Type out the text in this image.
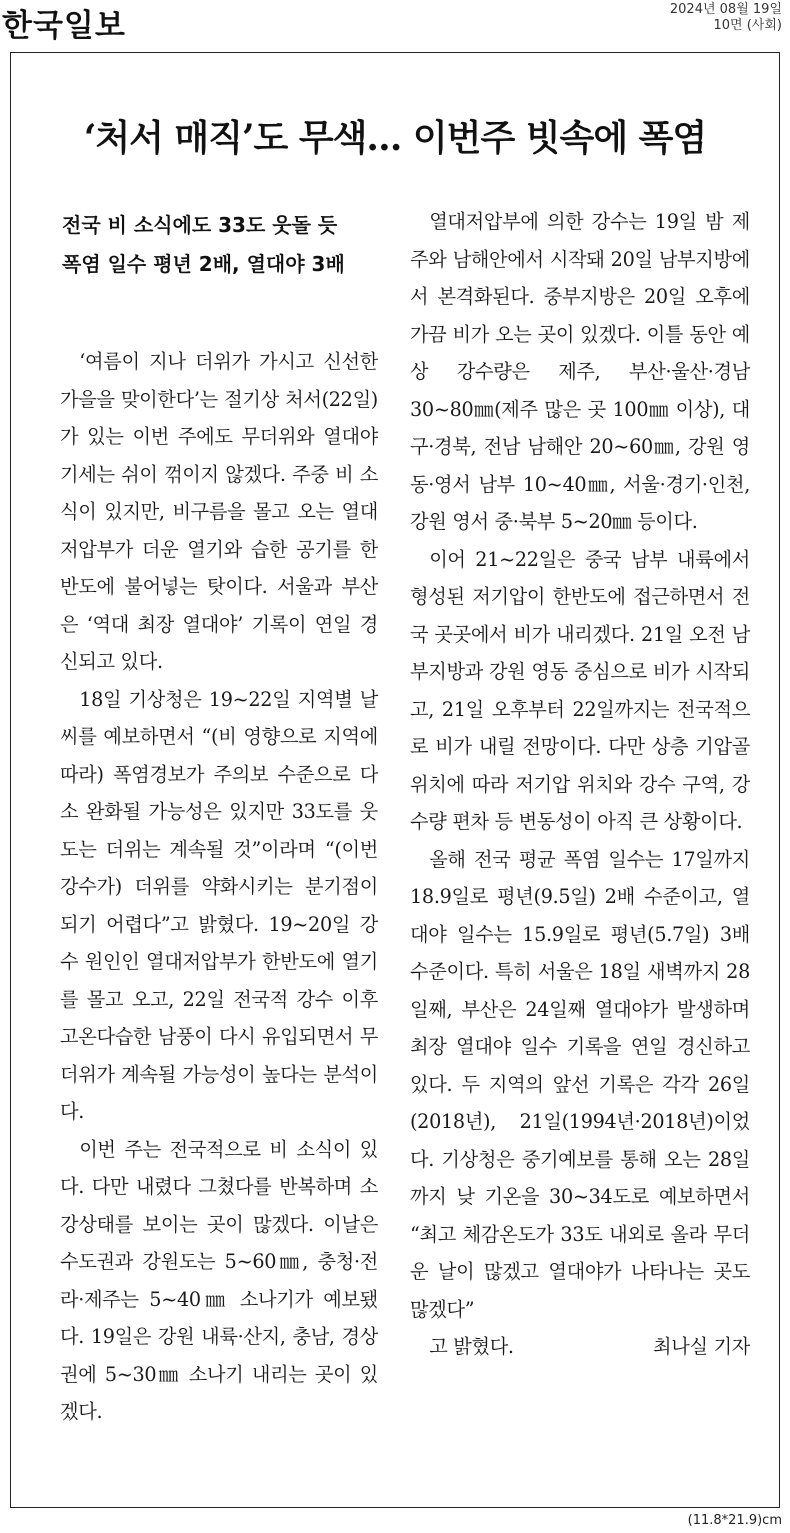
한국일보	2024년 08월 19일
10면 (사회)
‘처서 매직’도 무색… 이번주 빗속에 폭염
전국 비 소식에도 33도 웃돌 듯
폭염 일수 평년 2배, 열대야 3배

‘여름이 지나 더위가 가시고 신선한 가을을 맞이한다’는 절기상 처서(22일)가 있는 이번 주에도 무더위와 열대야 기세는 쉬이 꺾이지 않겠다. 주중 비 소식이 있지만, 비구름을 몰고 오는 열대저압부가 더운 열기와 습한 공기를 한반도에 불어넣는 탓이다. 서울과 부산은 ‘역대 최장 열대야’ 기록이 연일 경신되고 있다.

18일 기상청은 19~22일 지역별 날씨를 예보하면서 “(비 영향으로 지역에 따라) 폭염경보가 주의보 수준으로 다소 완화될 가능성은 있지만 33도를 웃도는 더위는 계속될 것”이라며 “(이번 강수가) 더위를 약화시키는 분기점이 되기 어렵다”고 밝혔다. 19~20일 강수 원인인 열대저압부가 한반도에 열기를 몰고 오고, 22일 전국적 강수 이후 고온다습한 남풍이 다시 유입되면서 무더위가 계속될 가능성이 높다는 분석이다.

이번 주는 전국적으로 비 소식이 있다. 다만 내렸다 그쳤다를 반복하며 소강상태를 보이는 곳이 많겠다. 이날은 수도권과 강원도는 5~60㎜, 충청·전라·제주는 5~40㎜ 소나기가 예보됐다. 19일은 강원 내륙·산지, 충남, 경상권에 5~30㎜ 소나기 내리는 곳이 있겠다.

열대저압부에 의한 강수는 19일 밤 제주와 남해안에서 시작돼 20일 남부지방에서 본격화된다. 중부지방은 20일 오후에 가끔 비가 오는 곳이 있겠다. 이틀 동안 예상 강수량은 제주, 부산·울산·경남 30~80㎜(제주 많은 곳 100㎜ 이상), 대구·경북, 전남 남해안 20~60㎜, 강원 영동·영서 남부 10~40㎜, 서울·경기·인천, 강원 영서 중·북부 5~20㎜ 등이다.

이어 21~22일은 중국 남부 내륙에서 형성된 저기압이 한반도에 접근하면서 전국 곳곳에서 비가 내리겠다. 21일 오전 남부지방과 강원 영동 중심으로 비가 시작되고, 21일 오후부터 22일까지는 전국적으로 비가 내릴 전망이다. 다만 상층 기압골 위치에 따라 저기압 위치와 강수 구역, 강수량 편차 등 변동성이 아직 큰 상황이다.

올해 전국 평균 폭염 일수는 17일까지 18.9일로 평년(9.5일) 2배 수준이고, 열대야 일수는 15.9일로 평년(5.7일) 3배 수준이다. 특히 서울은 18일 새벽까지 28일째, 부산은 24일째 열대야가 발생하며 최장 열대야 일수 기록을 연일 경신하고 있다. 두 지역의 앞선 기록은 각각 26일(2018년), 21일(1994년·2018년)이었다. 기상청은 중기예보를 통해 오는 28일까지 낮 기온을 30~34도로 예보하면서 “최고 체감온도가 33도 내외로 올라 무더운 날이 많겠고 열대야가 나타나는 곳도 많겠다”

고 밝혔다.	최나실 기자

(11.8*21.9)cm
